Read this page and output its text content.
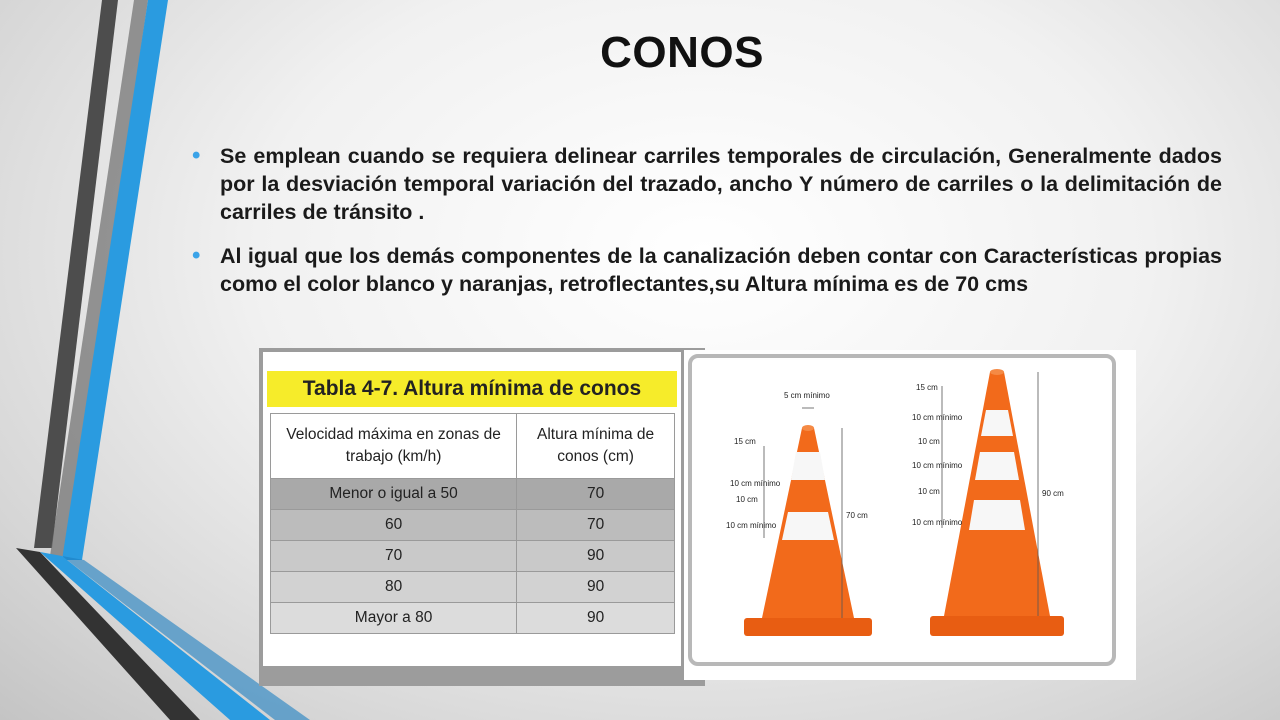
CONOS
• Se emplean cuando se requiera delinear carriles temporales de circulación, Generalmente dados por la desviación temporal variación del trazado, ancho Y número de carriles o la delimitación de carriles de tránsito .
• Al igual que los demás componentes de la canalización deben contar con Características propias como el color blanco y naranjas, retroflectantes,su Altura mínima es de 70 cms
Tabla 4-7. Altura mínima de conos
Velocidad máxima en zonas de trabajo (km/h)	Altura mínima de conos (cm)
Menor o igual a 50	70
60	70
70	90
80	90
Mayor a 80	90
5 cm mínimo
15 cm
10 cm mínimo
10 cm
10 cm mínimo
70 cm
15 cm
10 cm mínimo
10 cm
10 cm mínimo
10 cm
10 cm mínimo
90 cm
